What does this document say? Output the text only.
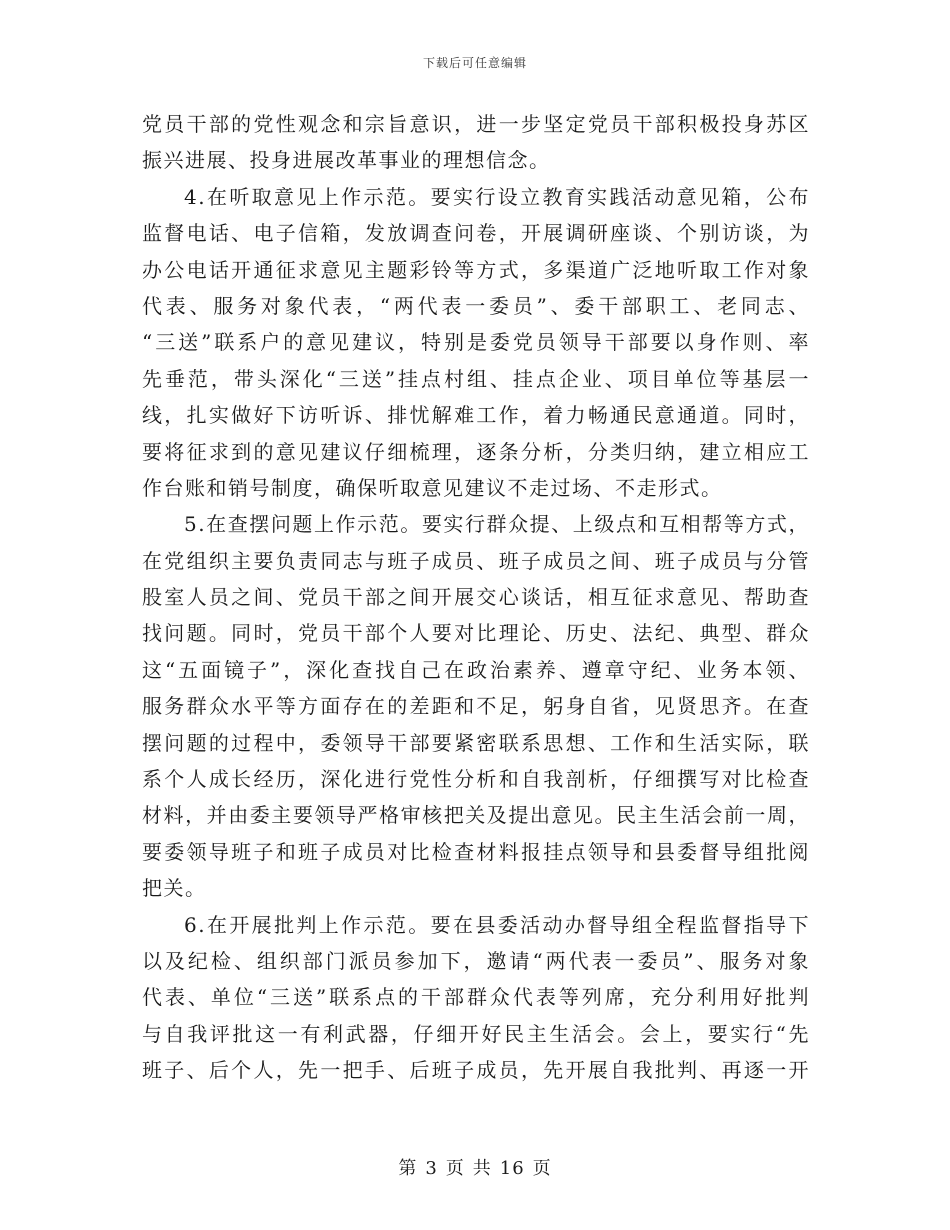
下载后可任意编辑
党员干部的党性观念和宗旨意识，进一步坚定党员干部积极投身苏区
振兴进展、投身进展改革事业的理想信念。
4.在听取意见上作示范。要实行设立教育实践活动意见箱，公布
监督电话、电子信箱，发放调查问卷，开展调研座谈、个别访谈，为
办公电话开通征求意见主题彩铃等方式，多渠道广泛地听取工作对象
代表、服务对象代表，“两代表一委员”、委干部职工、老同志、
“三送”联系户的意见建议，特别是委党员领导干部要以身作则、率
先垂范，带头深化“三送”挂点村组、挂点企业、项目单位等基层一
线，扎实做好下访听诉、排忧解难工作，着力畅通民意通道。同时，
要将征求到的意见建议仔细梳理，逐条分析，分类归纳，建立相应工
作台账和销号制度，确保听取意见建议不走过场、不走形式。
5.在查摆问题上作示范。要实行群众提、上级点和互相帮等方式，
在党组织主要负责同志与班子成员、班子成员之间、班子成员与分管
股室人员之间、党员干部之间开展交心谈话，相互征求意见、帮助查
找问题。同时，党员干部个人要对比理论、历史、法纪、典型、群众
这“五面镜子”，深化查找自己在政治素养、遵章守纪、业务本领、
服务群众水平等方面存在的差距和不足，躬身自省，见贤思齐。在查
摆问题的过程中，委领导干部要紧密联系思想、工作和生活实际，联
系个人成长经历，深化进行党性分析和自我剖析，仔细撰写对比检查
材料，并由委主要领导严格审核把关及提出意见。民主生活会前一周，
要委领导班子和班子成员对比检查材料报挂点领导和县委督导组批阅
把关。
6.在开展批判上作示范。要在县委活动办督导组全程监督指导下
以及纪检、组织部门派员参加下，邀请“两代表一委员”、服务对象
代表、单位“三送”联系点的干部群众代表等列席，充分利用好批判
与自我评批这一有利武器，仔细开好民主生活会。会上，要实行“先
班子、后个人，先一把手、后班子成员，先开展自我批判、再逐一开
第 3 页 共 16 页
